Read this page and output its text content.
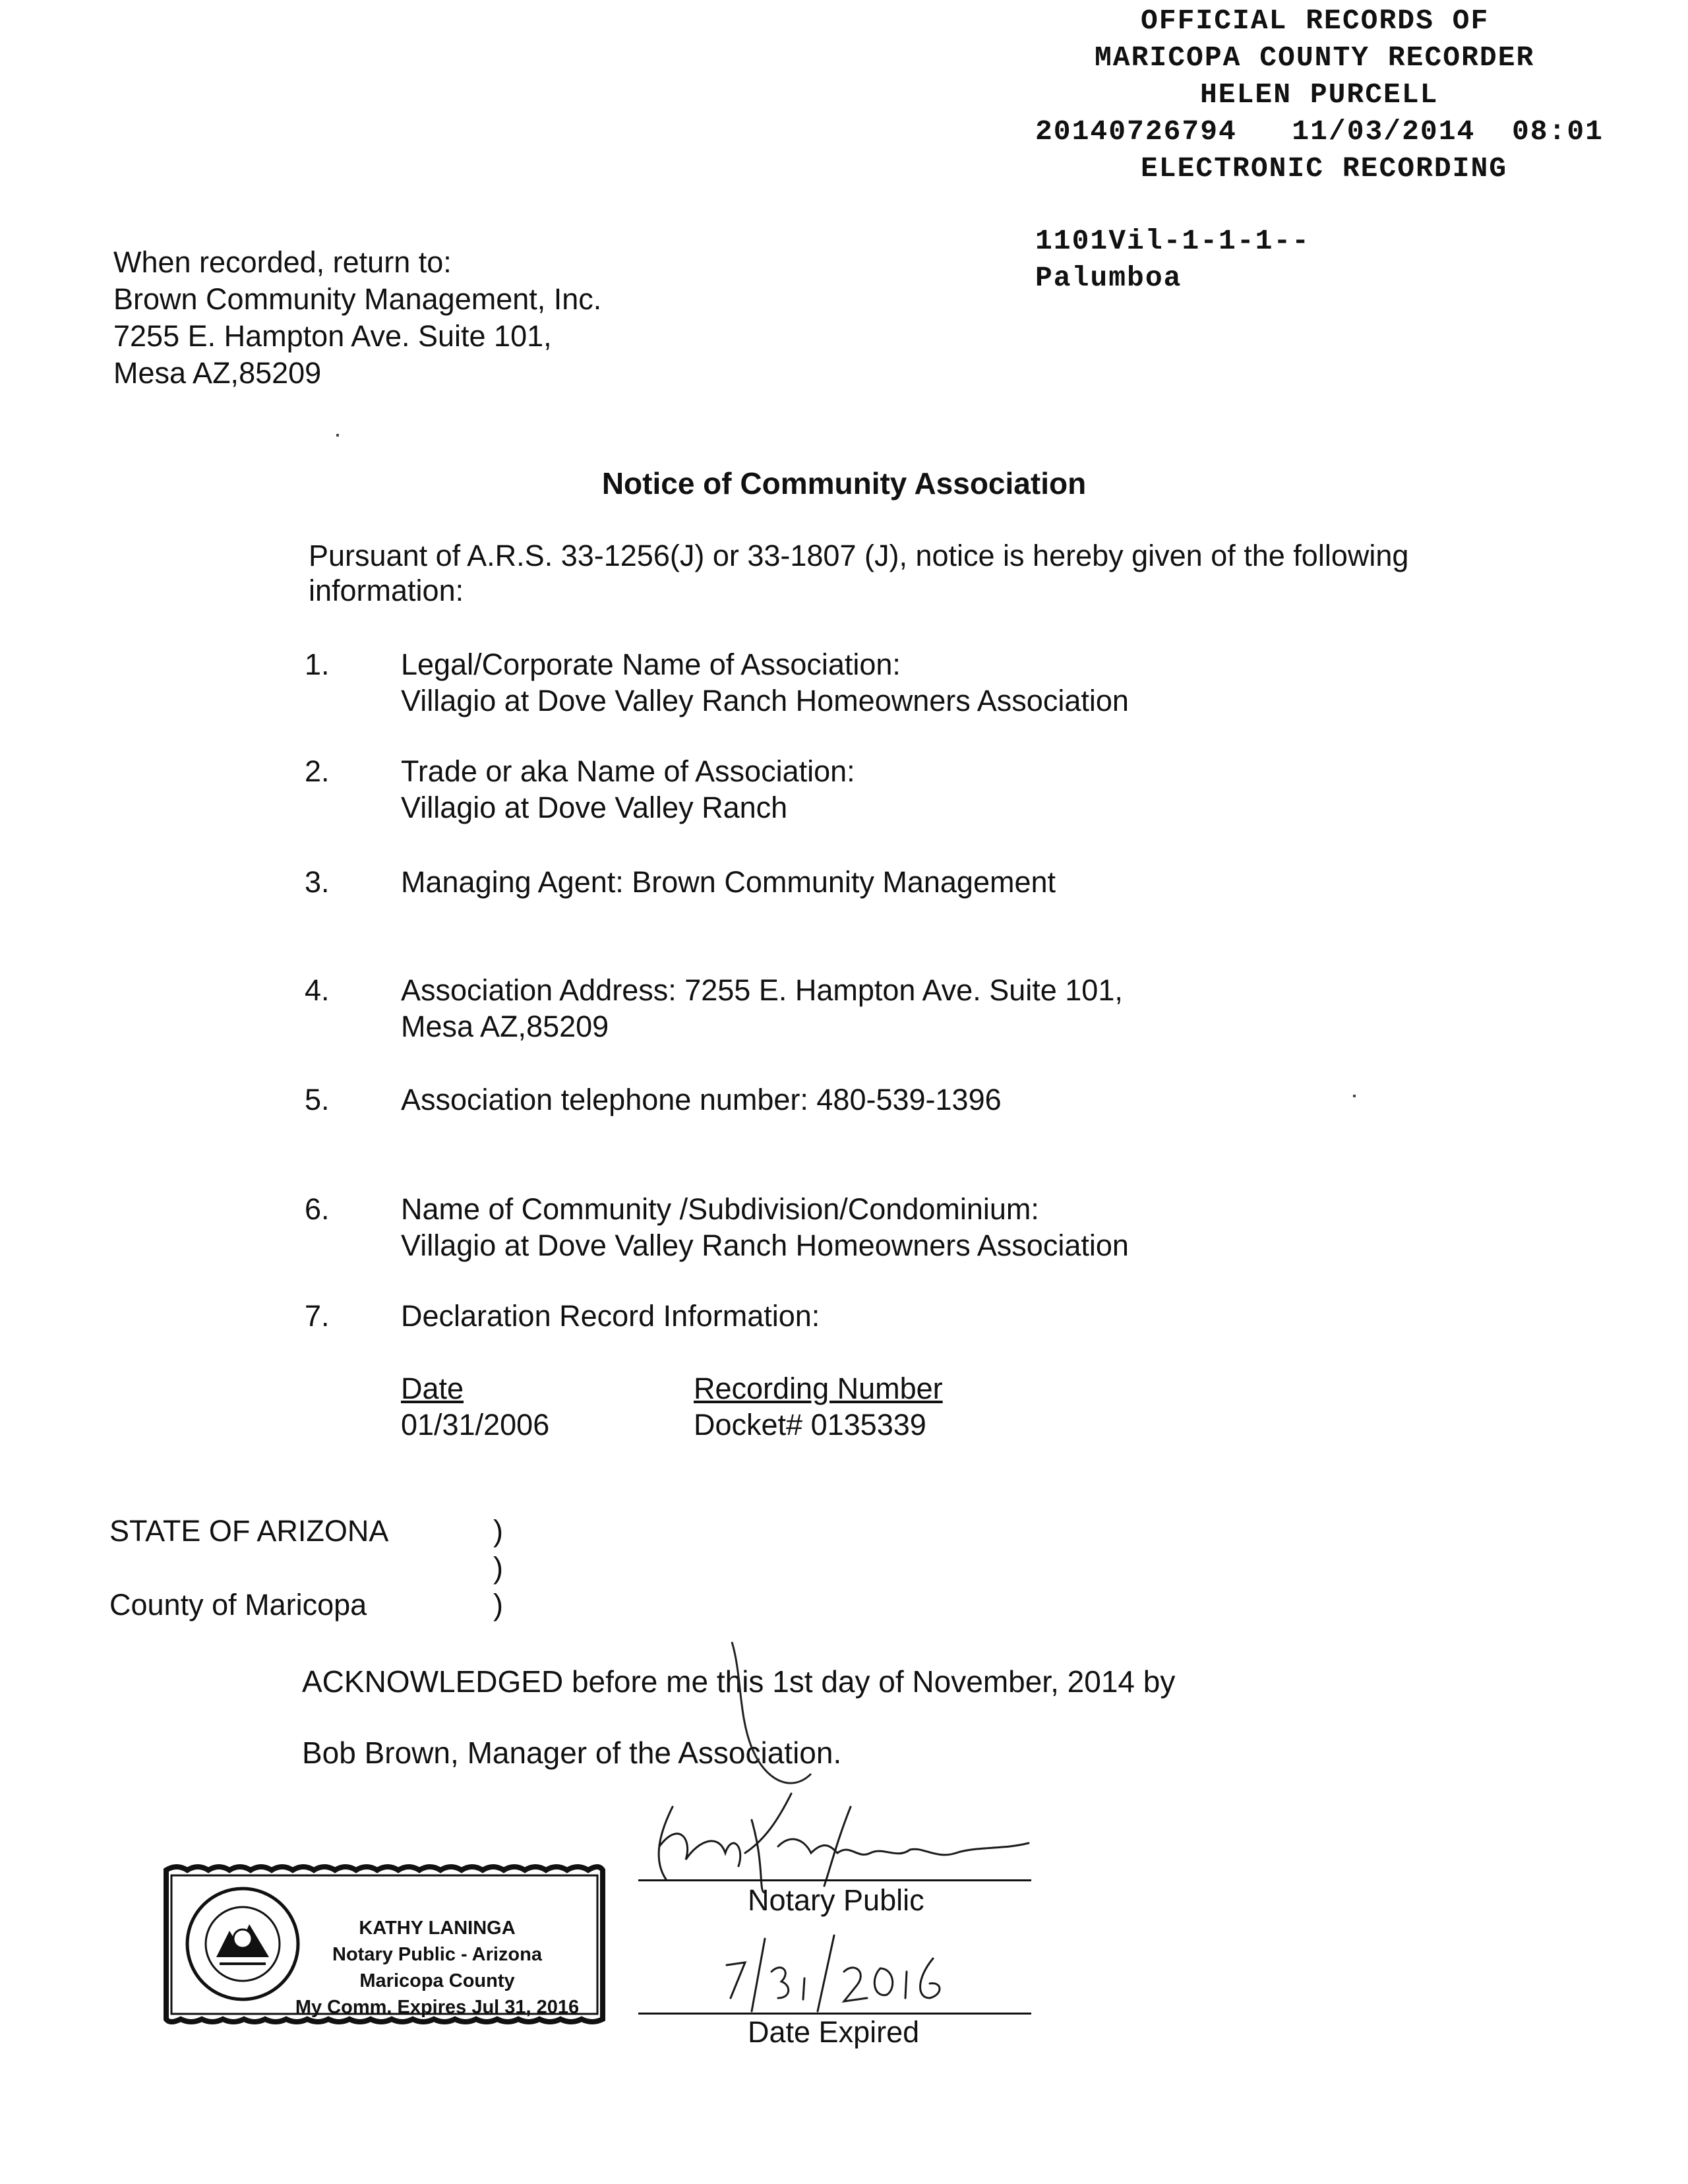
OFFICIAL RECORDS OF
MARICOPA COUNTY RECORDER
HELEN PURCELL
20140726794 11/03/2014 08:01
ELECTRONIC RECORDING
1101Vil-1-1-1--
Palumboa
When recorded, return to:
Brown Community Management, Inc.
7255 E. Hampton Ave. Suite 101,
Mesa AZ,85209
Notice of Community Association
Pursuant of A.R.S. 33-1256(J) or 33-1807 (J), notice is hereby given of the following information:
1. Legal/Corporate Name of Association:
Villagio at Dove Valley Ranch Homeowners Association
2. Trade or aka Name of Association:
Villagio at Dove Valley Ranch
3. Managing Agent: Brown Community Management
4. Association Address: 7255 E. Hampton Ave. Suite 101,
Mesa AZ,85209
5. Association telephone number: 480-539-1396
6. Name of Community /Subdivision/Condominium:
Villagio at Dove Valley Ranch Homeowners Association
7. Declaration Record Information:
Date
01/31/2006
Recording Number
Docket# 0135339
STATE OF ARIZONA
County of Maricopa
)
)
)
ACKNOWLEDGED before me this 1st day of November, 2014 by
Bob Brown, Manager of the Association.
Notary Public
Date Expired
KATHY LANINGA
Notary Public - Arizona
Maricopa County
My Comm. Expires Jul 31, 2016
